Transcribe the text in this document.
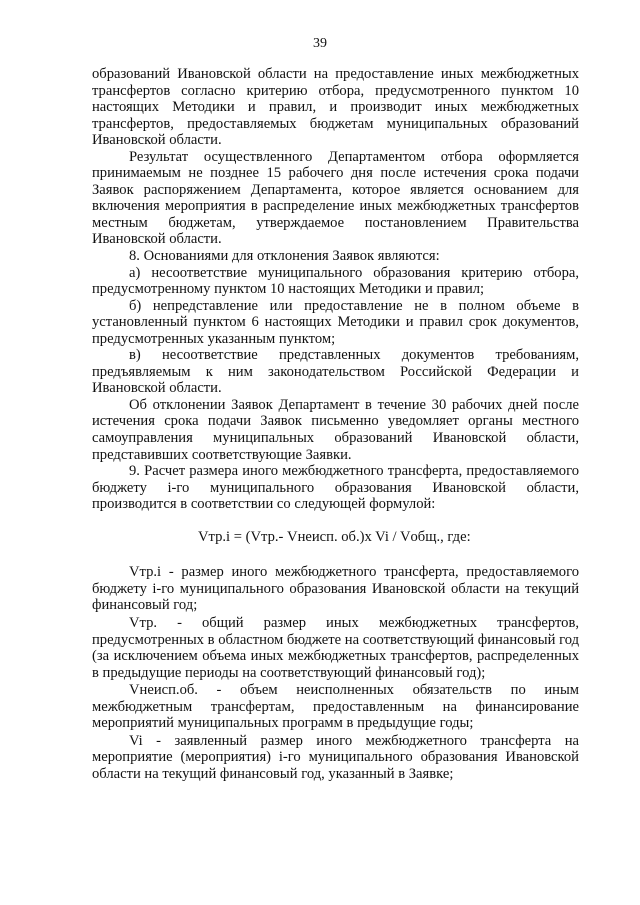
39

образований Ивановской области на предоставление иных межбюджетных трансфертов согласно критерию отбора, предусмотренного пунктом 10 настоящих Методики и правил, и производит иных межбюджетных трансфертов, предоставляемых бюджетам муниципальных образований Ивановской области.

Результат осуществленного Департаментом отбора оформляется принимаемым не позднее 15 рабочего дня после истечения срока подачи Заявок распоряжением Департамента, которое является основанием для включения мероприятия в распределение иных межбюджетных трансфертов местным бюджетам, утверждаемое постановлением Правительства Ивановской области.

8. Основаниями для отклонения Заявок являются:

а) несоответствие муниципального образования критерию отбора, предусмотренному пунктом 10 настоящих Методики и правил;

б) непредставление или предоставление не в полном объеме в установленный пунктом 6 настоящих Методики и правил срок документов, предусмотренных указанным пунктом;

в) несоответствие представленных документов требованиям, предъявляемым к ним законодательством Российской Федерации и Ивановской области.

Об отклонении Заявок Департамент в течение 30 рабочих дней после истечения срока подачи Заявок письменно уведомляет органы местного самоуправления муниципальных образований Ивановской области, представивших соответствующие Заявки.

9. Расчет размера иного межбюджетного трансферта, предоставляемого бюджету i-го муниципального образования Ивановской области, производится в соответствии со следующей формулой:

Vтр.i = (Vтр.- Vнеисп. об.)x Vi / Vобщ., где:

Vтр.i - размер иного межбюджетного трансферта, предоставляемого бюджету i-го муниципального образования Ивановской области на текущий финансовый год;

Vтр. - общий размер иных межбюджетных трансфертов, предусмотренных в областном бюджете на соответствующий финансовый год (за исключением объема иных межбюджетных трансфертов, распределенных в предыдущие периоды на соответствующий финансовый год);

Vнеисп.об. - объем неисполненных обязательств по иным межбюджетным трансфертам, предоставленным на финансирование мероприятий муниципальных программ в предыдущие годы;

Vi - заявленный размер иного межбюджетного трансферта на мероприятие (мероприятия) i-го муниципального образования Ивановской области на текущий финансовый год, указанный в Заявке;
